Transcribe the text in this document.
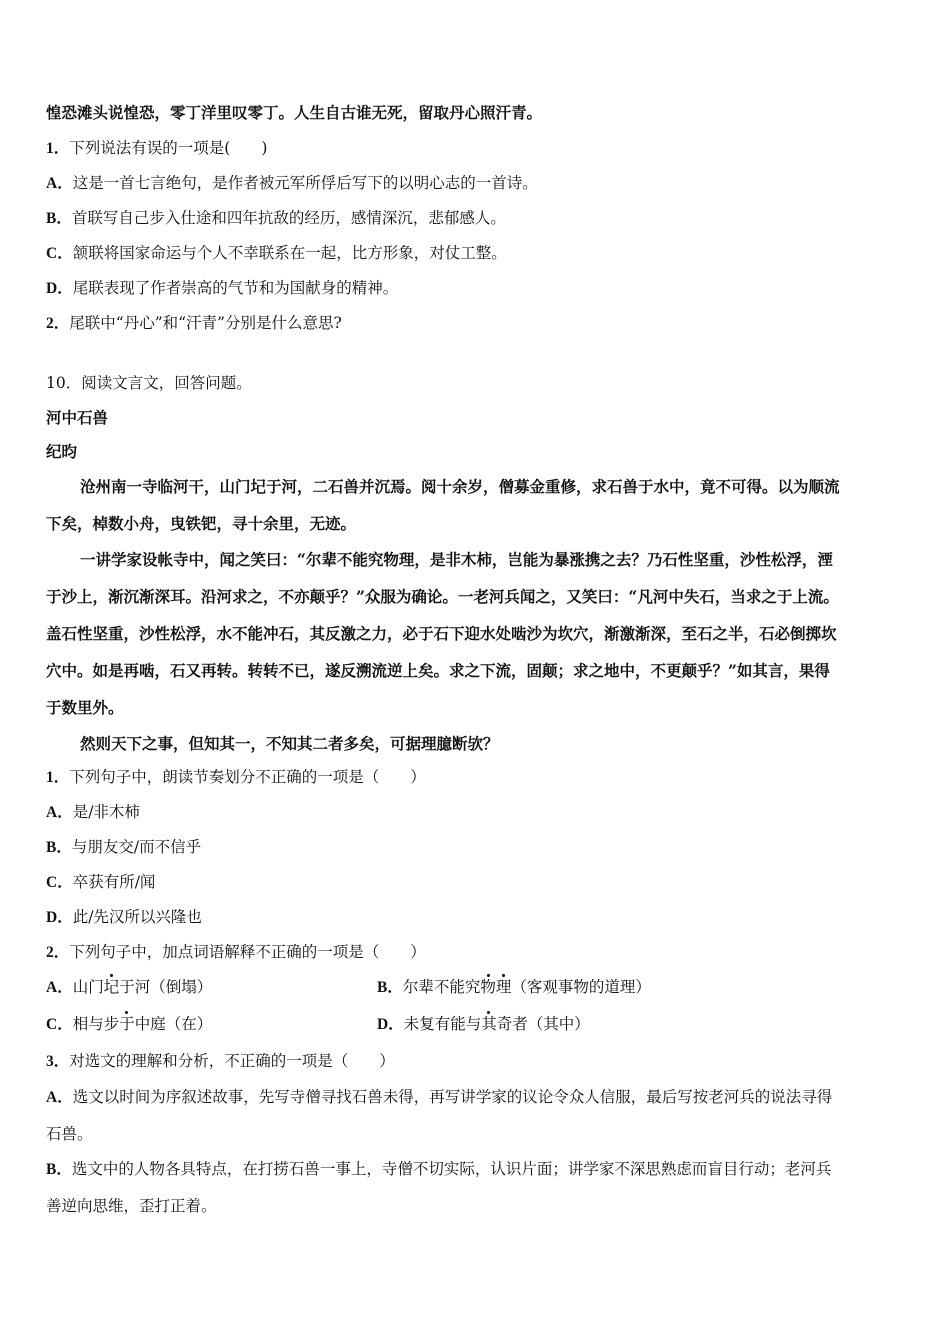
惶恐滩头说惶恐，零丁洋里叹零丁。人生自古谁无死，留取丹心照汗青。
1．下列说法有误的一项是(　　)
A．这是一首七言绝句，是作者被元军所俘后写下的以明心志的一首诗。
B．首联写自己步入仕途和四年抗敌的经历，感情深沉，悲郁感人。
C．颔联将国家命运与个人不幸联系在一起，比方形象，对仗工整。
D．尾联表现了作者崇高的气节和为国献身的精神。
2．尾联中“丹心”和“汗青”分别是什么意思?
10．阅读文言文，回答问题。
河中石兽
纪昀
沧州南一寺临河干，山门圮于河，二石兽并沉焉。阅十余岁，僧募金重修，求石兽于水中，竟不可得。以为顺流
下矣，棹数小舟，曳铁钯，寻十余里，无迹。
一讲学家设帐寺中，闻之笑曰：“尔辈不能究物理，是非木柿，岂能为暴涨携之去？乃石性坚重，沙性松浮，湮
于沙上，渐沉渐深耳。沿河求之，不亦颠乎？”众服为确论。一老河兵闻之，又笑曰：“凡河中失石，当求之于上流。
盖石性坚重，沙性松浮，水不能冲石，其反激之力，必于石下迎水处啮沙为坎穴，渐激渐深，至石之半，石必倒掷坎
穴中。如是再啮，石又再转。转转不已，遂反溯流逆上矣。求之下流，固颠；求之地中，不更颠乎？”如其言，果得
于数里外。
然则天下之事，但知其一，不知其二者多矣，可据理臆断欤？
1．下列句子中，朗读节奏划分不正确的一项是（　　）
A．是/非木柿
B．与朋友交/而不信乎
C．卒获有所/闻
D．此/先汉所以兴隆也
2．下列句子中，加点词语解释不正确的一项是（　　）
A．山门圮于河（倒塌）	B．尔辈不能究物理（客观事物的道理）
C．相与步于中庭（在）	D．未复有能与其奇者（其中）
3．对选文的理解和分析，不正确的一项是（　　）
A．选文以时间为序叙述故事，先写寺僧寻找石兽未得，再写讲学家的议论令众人信服，最后写按老河兵的说法寻得
石兽。
B．选文中的人物各具特点，在打捞石兽一事上，寺僧不切实际，认识片面；讲学家不深思熟虑而盲目行动；老河兵
善逆向思维，歪打正着。
